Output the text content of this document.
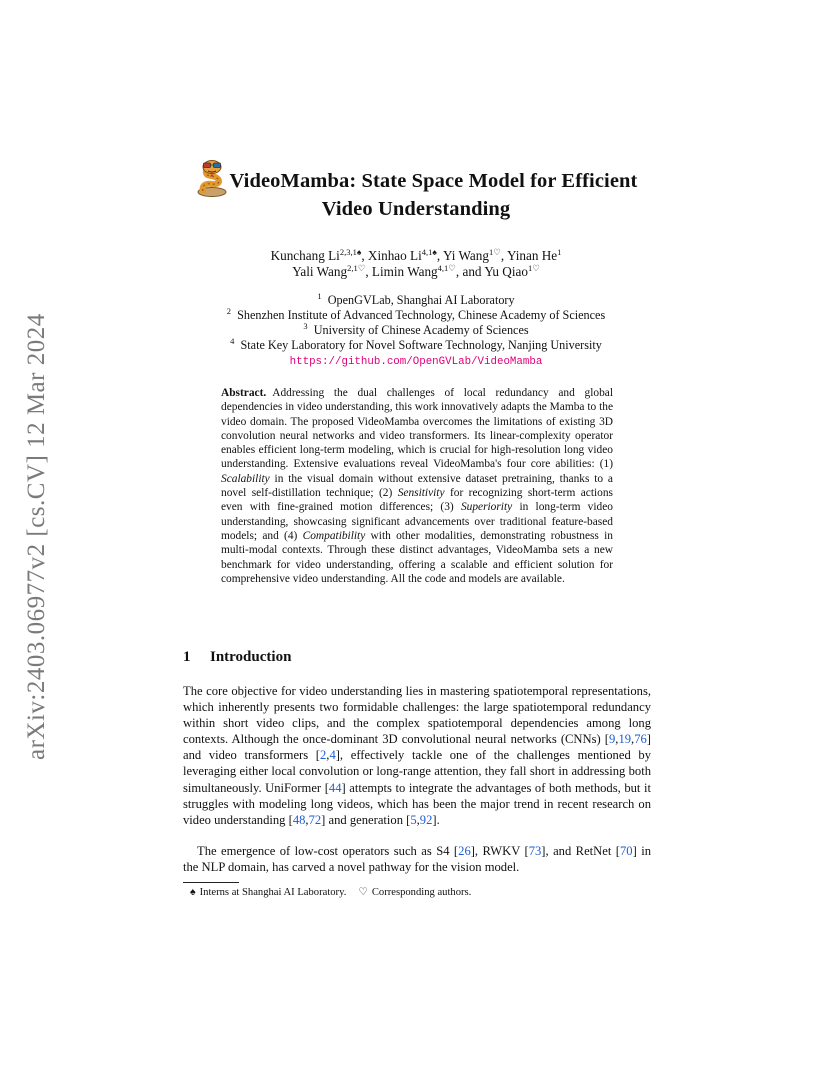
arXiv:2403.06977v2 [cs.CV] 12 Mar 2024
VideoMamba: State Space Model for Efficient
Video Understanding
Kunchang $Li^{2,3,1♠}$, Xinhao $Li^{4,1♠}$, Yi Wang$^{1♡}$, Yinan He$^1$
Yali Wang$^{2,1♡}$, Limin Wang$^{4,1♡}$, and Yu Qiao$^{1♡}$
$^1$ OpenGVLab, Shanghai AI Laboratory
$^2$ Shenzhen Institute of Advanced Technology, Chinese Academy of Sciences
$^3$ University of Chinese Academy of Sciences
$^4$ State Key Laboratory for Novel Software Technology, Nanjing University
https://github.com/OpenGVLab/VideoMamba
Abstract. Addressing the dual challenges of local redundancy and global dependencies in video understanding, this work innovatively adapts the Mamba to the video domain. The proposed VideoMamba overcomes the limitations of existing 3D convolution neural networks and video transformers. Its linear-complexity operator enables efficient long-term modeling, which is crucial for high-resolution long video understanding. Extensive evaluations reveal VideoMamba's four core abilities: (1) Scalability in the visual domain without extensive dataset pretraining, thanks to a novel self-distillation technique; (2) Sensitivity for recognizing short-term actions even with fine-grained motion differences; (3) Superiority in long-term video understanding, showcasing significant advancements over traditional feature-based models; and (4) Compatibility with other modalities, demonstrating robustness in multi-modal contexts. Through these distinct advantages, VideoMamba sets a new benchmark for video understanding, offering a scalable and efficient solution for comprehensive video understanding. All the code and models are available.
1 Introduction
The core objective for video understanding lies in mastering spatiotemporal representations, which inherently presents two formidable challenges: the large spatiotemporal redundancy within short video clips, and the complex spatiotemporal dependencies among long contexts. Although the once-dominant 3D convolutional neural networks (CNNs) [9,19,76] and video transformers [2,4], effectively tackle one of the challenges mentioned by leveraging either local convolution or long-range attention, they fall short in addressing both simultaneously. UniFormer [44] attempts to integrate the advantages of both methods, but it struggles with modeling long videos, which has been the major trend in recent research on video understanding [48,72] and generation [5,92].
The emergence of low-cost operators such as S4 [26], RWKV [73], and RetNet [70] in the NLP domain, has carved a novel pathway for the vision model.
♠ Interns at Shanghai AI Laboratory. ♡ Corresponding authors.
